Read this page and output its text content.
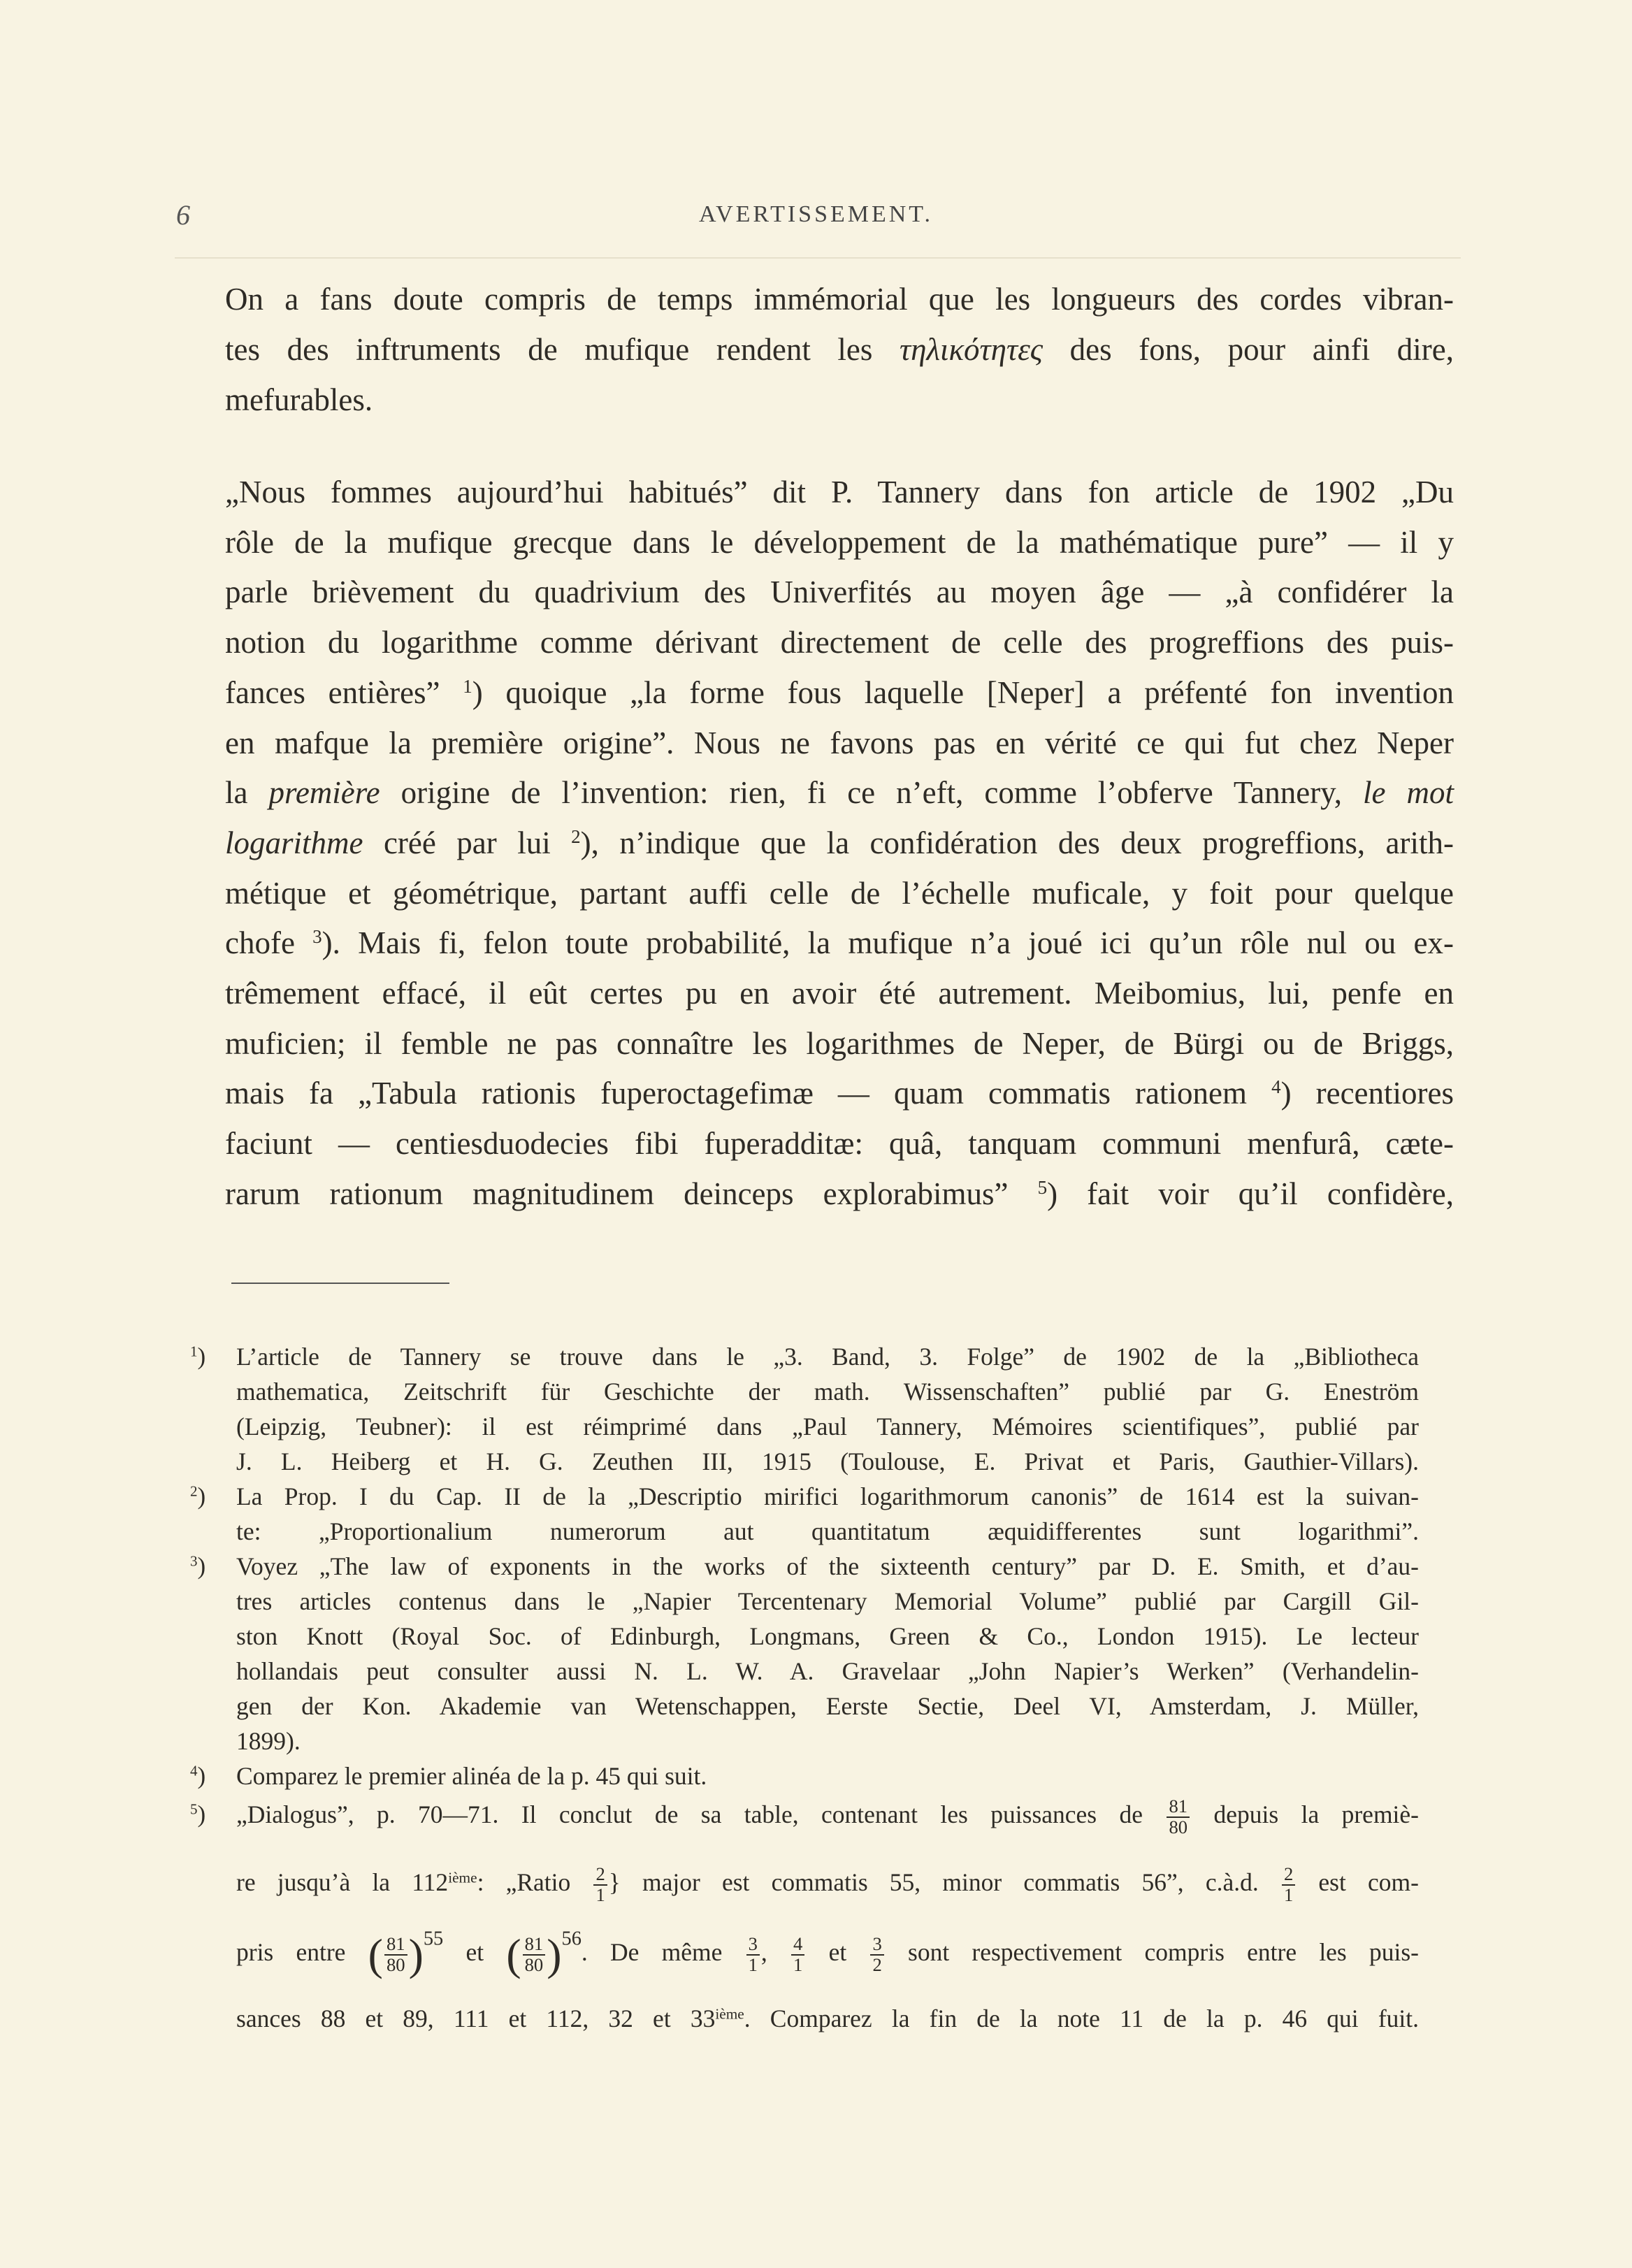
6	AVERTISSEMENT.
On a fans doute compris de temps immémorial que les longueurs des cordes vibran-
tes des inftruments de mufique rendent les τηλικότητες des fons, pour ainfi dire,
mefurables.
„Nous fommes aujourd’hui habitués” dit P. Tannery dans fon article de 1902 „Du
rôle de la mufique grecque dans le développement de la mathématique pure” — il y
parle brièvement du quadrivium des Univerfités au moyen âge — „à confidérer la
notion du logarithme comme dérivant directement de celle des progreffions des puis-
fances entières” $^1$) quoique „la forme fous laquelle [Neper] a préfenté fon invention
en mafque la première origine”. Nous ne favons pas en vérité ce qui fut chez Neper
la première origine de l’invention: rien, fi ce n’eft, comme l’obferve Tannery, le mot
logarithme créé par lui $^2$), n’indique que la confidération des deux progreffions, arith-
métique et géométrique, partant auffi celle de l’échelle muficale, y foit pour quelque
chofe $^3$). Mais fi, felon toute probabilité, la mufique n’a joué ici qu’un rôle nul ou ex-
trêmement effacé, il eût certes pu en avoir été autrement. Meibomius, lui, penfe en
muficien; il femble ne pas connaître les logarithmes de Neper, de Bürgi ou de Briggs,
mais fa „Tabula rationis fuperoctagefimæ — quam commatis rationem $^4$) recentiores
faciunt — centiesduodecies fibi fuperadditæ: quâ, tanquam communi menfurâ, cæte-
rarum rationum magnitudinem deinceps explorabimus” $^5$) fait voir qu’il confidère,
$^1$) L’article de Tannery se trouve dans le „3. Band, 3. Folge” de 1902 de la „Bibliotheca
mathematica, Zeitschrift für Geschichte der math. Wissenschaften” publié par G. Eneström
(Leipzig, Teubner): il est réimprimé dans „Paul Tannery, Mémoires scientifiques”, publié par
J. L. Heiberg et H. G. Zeuthen III, 1915 (Toulouse, E. Privat et Paris, Gauthier-Villars).
$^2$) La Prop. I du Cap. II de la „Descriptio mirifici logarithmorum canonis” de 1614 est la suivan-
te: „Proportionalium numerorum aut quantitatum æquidifferentes sunt logarithmi”.
$^3$) Voyez „The law of exponents in the works of the sixteenth century” par D. E. Smith, et d’au-
tres articles contenus dans le „Napier Tercentenary Memorial Volume” publié par Cargill Gil-
ston Knott (Royal Soc. of Edinburgh, Longmans, Green & Co., London 1915). Le lecteur
hollandais peut consulter aussi N. L. W. A. Gravelaar „John Napier’s Werken” (Verhandelin-
gen der Kon. Akademie van Wetenschappen, Eerste Sectie, Deel VI, Amsterdam, J. Müller,
1899).
$^4$) Comparez le premier alinéa de la p. 45 qui suit.
$^5$) „Dialogus”, p. 70—71. Il conclut de sa table, contenant les puissances de $\frac{81}{80}$ depuis la premiè-
re jusqu’à la 112ième: „Ratio $\frac{2}{1}$ } major est commatis 55, minor commatis 56”, c.à.d. $\frac{2}{1}$ est com-
pris entre ( $\frac{81}{80} )^{55}$ et ( $\frac{81}{80} )^{56}$. De même $\frac{3}{1}$ , $\frac{4}{1}$ et $\frac{3}{2}$ sont respectivement compris entre les puis-
sances 88 et 89, 111 et 112, 32 et 33ième. Comparez la fin de la note 11 de la p. 46 qui fuit.
